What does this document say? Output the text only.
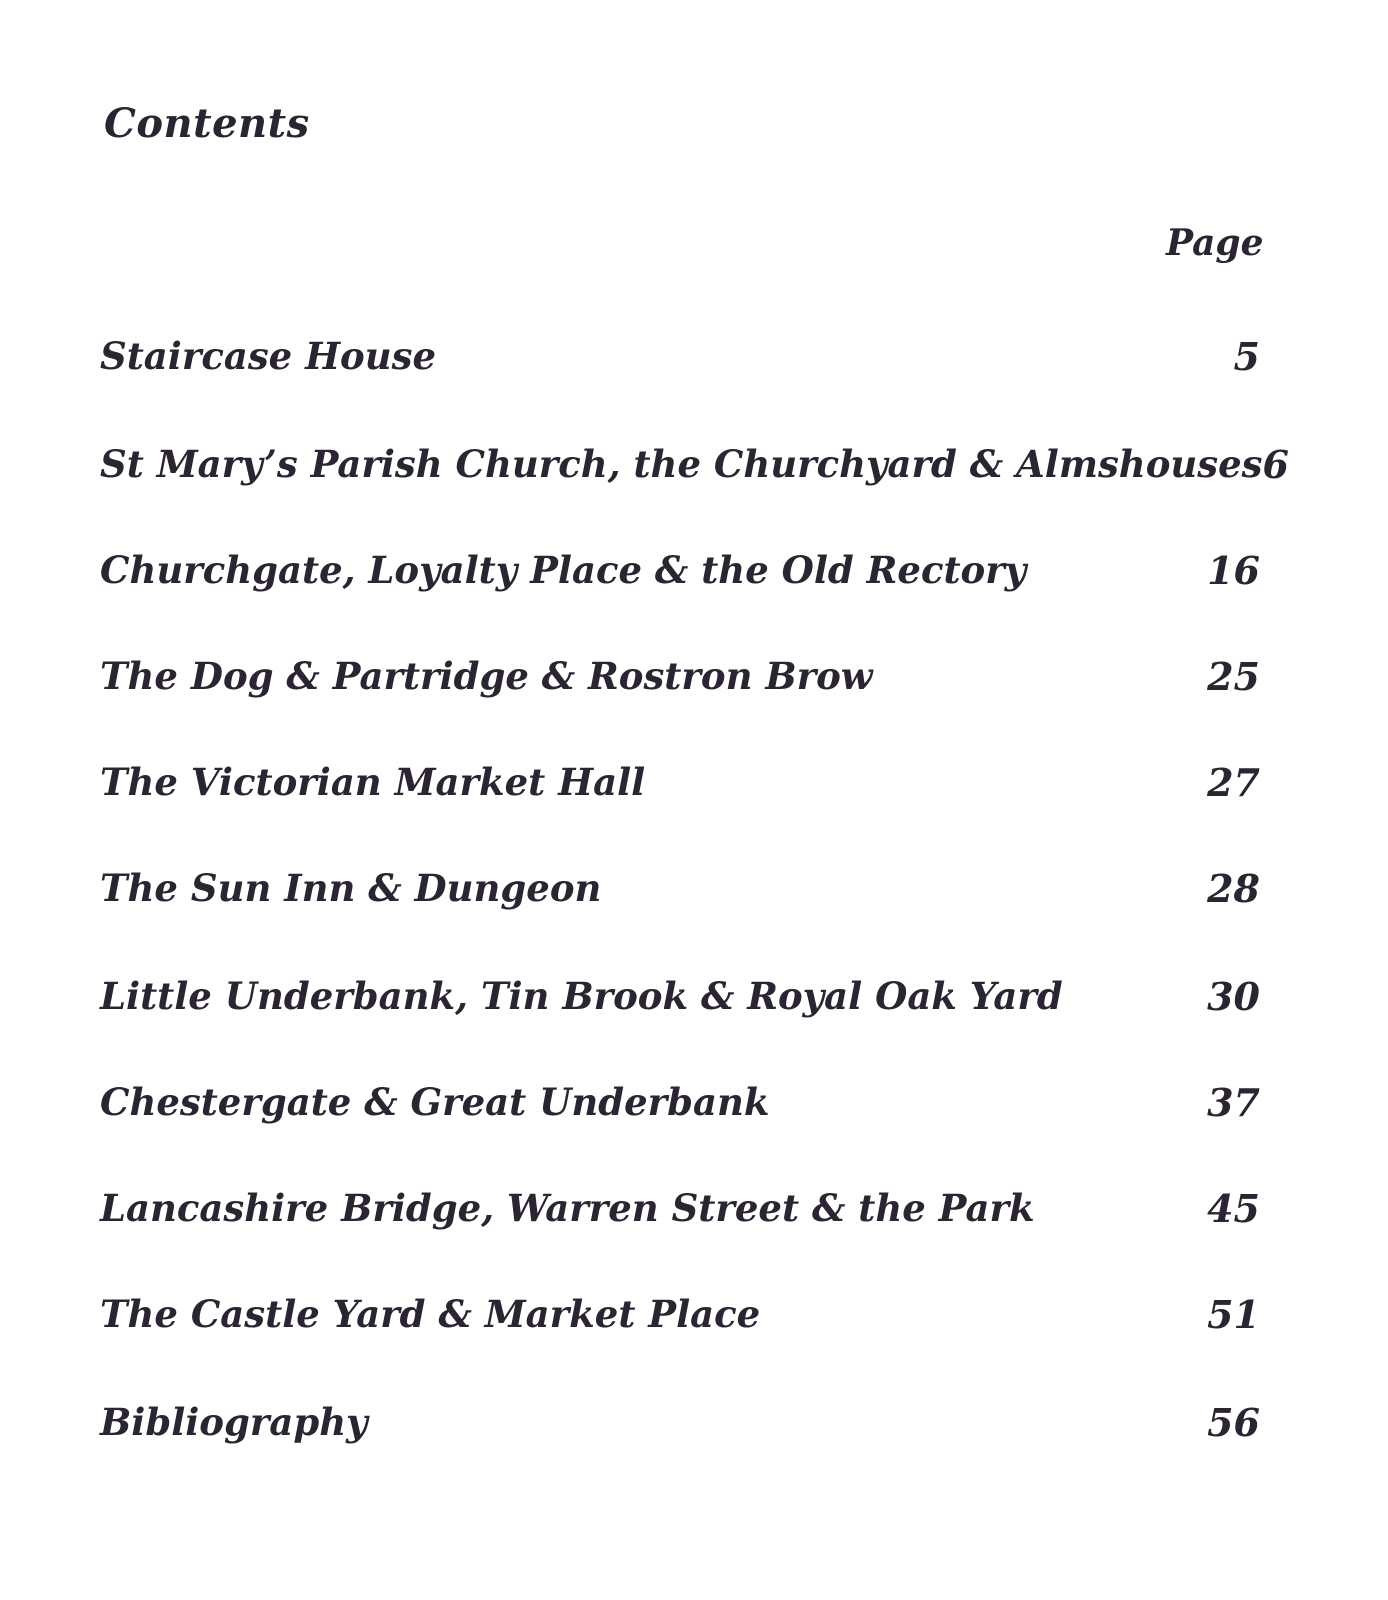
Contents
Page
Staircase House	5
St Mary’s Parish Church, the Churchyard & Almshouses 6
Churchgate, Loyalty Place & the Old Rectory	16
The Dog & Partridge & Rostron Brow	25
The Victorian Market Hall	27
The Sun Inn & Dungeon	28
Little Underbank, Tin Brook & Royal Oak Yard	30
Chestergate & Great Underbank	37
Lancashire Bridge, Warren Street & the Park	45
The Castle Yard & Market Place	51
Bibliography	56
